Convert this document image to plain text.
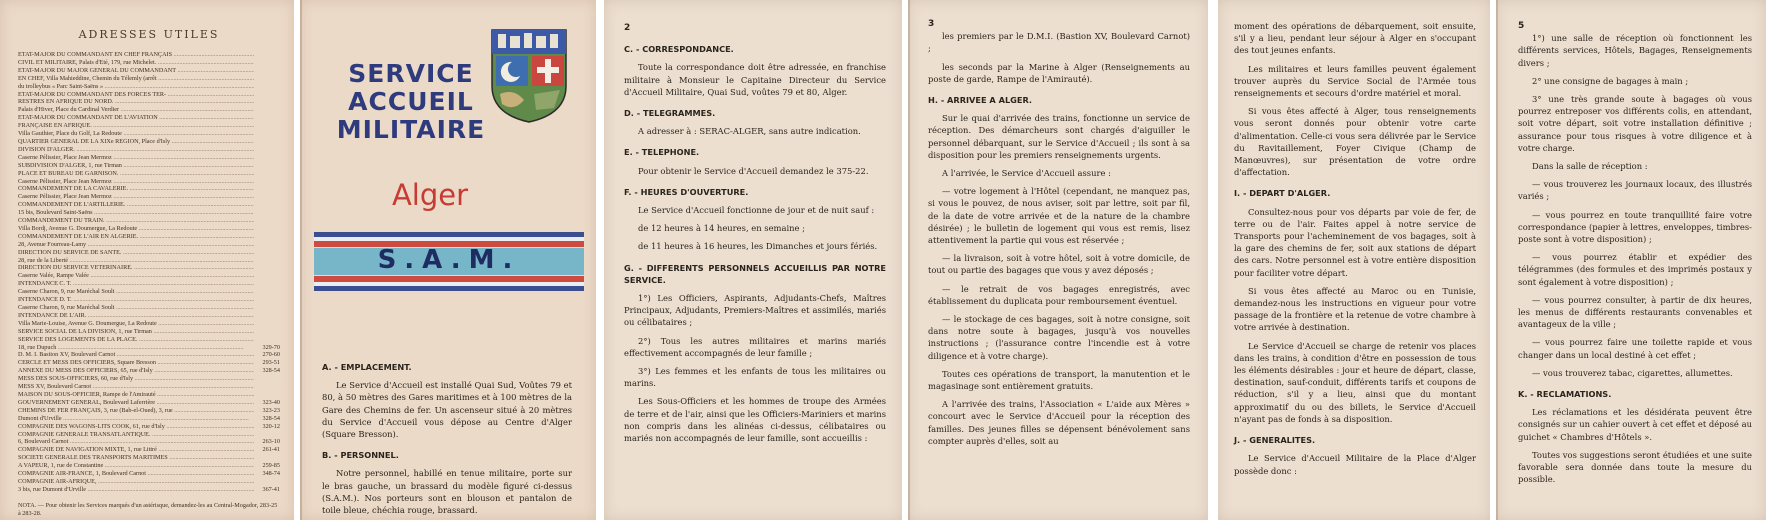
ADRESSES UTILES
ETAT-MAJOR DU COMMANDANT EN CHEF FRANÇAIS .....
CIVIL ET MILITAIRE, Palais d'Eté, 179, rue Michelet. .....
ETAT-MAJOR DU MAJOR GENERAL DU COMMANDANT .....
EN CHEF, Villa Mahieddine, Chemin du Télemly (arrêt .....
du trolleybus « Parc Saint-Saëns » .....
ETAT-MAJOR DU COMMANDANT DES FORCES TER- .....
RESTRES EN AFRIQUE DU NORD. .....
Palais d'Hiver, Place du Cardinal Verdier .....
ETAT-MAJOR DU COMMANDANT DE L'AVIATION .....
FRANÇAISE EN AFRIQUE. .....
Villa Gauthier, Place du Golf, La Redoute .....
QUARTIER GENERAL DE LA XIXe REGION, Place d'Isly .....
DIVISION D'ALGER. .....
Caserne Pélissier, Place Jean Mermoz .....
SUBDIVISION D'ALGER, 1, rue Tirman .....
PLACE ET BUREAU DE GARNISON. .....
Caserne Pélissier, Place Jean Mermoz .....
COMMANDEMENT DE LA CAVALERIE. .....
Caserne Pélissier, Place Jean Mermoz .....
COMMANDEMENT DE L'ARTILLERIE. .....
15 bis, Boulevard Saint-Saëns .....
COMMANDEMENT DU TRAIN. .....
Villa Bordj, Avenue G. Doumergue, La Redoute .....
COMMANDEMENT DE L'AIR EN ALGERIE. .....
28, Avenue Fourreau-Lamy .....
DIRECTION DU SERVICE DE SANTE. .....
28, rue de la Liberté .....
DIRECTION DU SERVICE VETERINAIRE. .....
Caserne Valée, Rampe Valée .....
INTENDANCE C. T. .....
Caserne Charon, 9, rue Maréchal Soult .....
INTENDANCE D. T. .....
Caserne Charon, 9, rue Maréchal Soult .....
INTENDANCE DE L'AIR. .....
Villa Marie-Louise, Avenue G. Doumergue, La Redoute .....
SERVICE SOCIAL DE LA DIVISION, 1, rue Tirman .....
SERVICE DES LOGEMENTS DE LA PLACE. .....
18, rue Dupuch .....	329-70
D. M. I. Bastion XV, Boulevard Carnot .....	270-60
CERCLE ET MESS DES OFFICIERS, Square Bresson .....	293-51
ANNEXE DU MESS DES OFFICIERS, 65, rue d'Isly .....	328-54
MESS DES SOUS-OFFICIERS, 60, rue d'Isly .....
MESS XV, Boulevard Carnot .....
MAISON DU SOUS-OFFICIER, Rampe de l'Amirauté .....
GOUVERNEMENT GENERAL, Boulevard Laferrière .....	323-40
CHEMINS DE FER FRANÇAIS, 3, rue (Bab-el-Oued), 3, rue .....	323-23
Dumont d'Urville .....	328-54
COMPAGNIE DES WAGONS-LITS COOK, 61, rue d'Isly .....	320-12
COMPAGNIE GENERALE TRANSATLANTIQUE. .....
6, Boulevard Carnot .....	263-10
COMPAGNIE DE NAVIGATION MIXTE, 1, rue Littré .....	261-41
SOCIETE GENERALE DES TRANSPORTS MARITIMES .....
A VAPEUR, 1, rue de Constantine .....	259-85
COMPAGNIE AIR-FRANCE, 1, Boulevard Carnot .....	348-74
COMPAGNIE AIR-AFRIQUE, .....
3 bis, rue Dumont d'Urville .....	367-41
NOTA. — Pour obtenir les Services marqués d'un astérisque, demandez-les au Central-Mogador, 283-25 à 283-28.
SERVICE
ACCUEIL
MILITAIRE
Alger
S.A.M.
A. - EMPLACEMENT.

Le Service d'Accueil est installé Quai Sud, Voûtes 79 et 80, à 50 mètres des Gares maritimes et à 100 mètres de la Gare des Chemins de fer. Un ascenseur situé à 20 mètres du Service d'Accueil vous dépose au Centre d'Alger (Square Bresson).

B. - PERSONNEL.

Notre personnel, habillé en tenue militaire, porte sur le bras gauche, un brassard du modèle figuré ci-dessus (S.A.M.). Nos porteurs sont en blouson et pantalon de toile bleue, chéchia rouge, brassard.

2
C. - CORRESPONDANCE.

Toute la correspondance doit être adressée, en franchise militaire à Monsieur le Capitaine Directeur du Service d'Accueil Militaire, Quai Sud, voûtes 79 et 80, Alger.

D. - TELEGRAMMES.

A adresser à : SERAC-ALGER, sans autre indication.

E. - TELEPHONE.

Pour obtenir le Service d'Accueil demandez le 375-22.

F. - HEURES D'OUVERTURE.

Le Service d'Accueil fonctionne de jour et de nuit sauf :

de 12 heures à 14 heures, en semaine ;

de 11 heures à 16 heures, les Dimanches et jours fériés.

G. - DIFFERENTS PERSONNELS ACCUEILLIS PAR NOTRE SERVICE.

1°) Les Officiers, Aspirants, Adjudants-Chefs, Maîtres Principaux, Adjudants, Premiers-Maîtres et assimilés, mariés ou célibataires ;

2°) Tous les autres militaires et marins mariés effectivement accompagnés de leur famille ;

3°) Les femmes et les enfants de tous les militaires ou marins.

Les Sous-Officiers et les hommes de troupe des Armées de terre et de l'air, ainsi que les Officiers-Mariniers et marins non compris dans les alinéas ci-dessus, célibataires ou mariés non accompagnés de leur famille, sont accueillis :

3

les premiers par le D.M.I. (Bastion XV, Boulevard Carnot) ;

les seconds par la Marine à Alger (Renseignements au poste de garde, Rampe de l'Amirauté).

H. - ARRIVEE A ALGER.

Sur le quai d'arrivée des trains, fonctionne un service de réception. Des démarcheurs sont chargés d'aiguiller le personnel débarquant, sur le Service d'Accueil ; ils sont à sa disposition pour les premiers renseignements urgents.

A l'arrivée, le Service d'Accueil assure :

— votre logement à l'Hôtel (cependant, ne manquez pas, si vous le pouvez, de nous aviser, soit par lettre, soit par fil, de la date de votre arrivée et de la nature de la chambre désirée) ; le bulletin de logement qui vous est remis, lisez attentivement la partie qui vous est réservée ;

— la livraison, soit à votre hôtel, soit à votre domicile, de tout ou partie des bagages que vous y avez déposés ;

— le retrait de vos bagages enregistrés, avec établissement du duplicata pour remboursement éventuel.

— le stockage de ces bagages, soit à notre consigne, soit dans notre soute à bagages, jusqu'à vos nouvelles instructions ; (l'assurance contre l'incendie est à votre diligence et à votre charge).

Toutes ces opérations de transport, la manutention et le magasinage sont entièrement gratuits.

A l'arrivée des trains, l'Association « L'aide aux Mères » concourt avec le Service d'Accueil pour la réception des familles. Des jeunes filles se dépensent bénévolement sans compter auprès d'elles, soit au

moment des opérations de débarquement, soit ensuite, s'il y a lieu, pendant leur séjour à Alger en s'occupant des tout jeunes enfants.

Les militaires et leurs familles peuvent également trouver auprès du Service Social de l'Armée tous renseignements et secours d'ordre matériel et moral.

Si vous êtes affecté à Alger, tous renseignements vous seront donnés pour obtenir votre carte d'alimentation. Celle-ci vous sera délivrée par le Service du Ravitaillement, Foyer Civique (Champ de Manœuvres), sur présentation de votre ordre d'affectation.

I. - DEPART D'ALGER.

Consultez-nous pour vos départs par voie de fer, de terre ou de l'air. Faites appel à notre service de Transports pour l'acheminement de vos bagages, soit à la gare des chemins de fer, soit aux stations de départ des cars. Notre personnel est à votre entière disposition pour faciliter votre départ.

Si vous êtes affecté au Maroc ou en Tunisie, demandez-nous les instructions en vigueur pour votre passage de la frontière et la retenue de votre chambre à votre arrivée à destination.

Le Service d'Accueil se charge de retenir vos places dans les trains, à condition d'être en possession de tous les éléments désirables : jour et heure de départ, classe, destination, sauf-conduit, différents tarifs et coupons de réduction, s'il y a lieu, ainsi que du montant approximatif du ou des billets, le Service d'Accueil n'ayant pas de fonds à sa disposition.

J. - GENERALITES.

Le Service d'Accueil Militaire de la Place d'Alger possède donc :

5

1°) une salle de réception où fonctionnent les différents services, Hôtels, Bagages, Renseignements divers ;

2° une consigne de bagages à main ;

3° une très grande soute à bagages où vous pourrez entreposer vos différents colis, en attendant, soit votre départ, soit votre installation définitive ; assurance pour tous risques à votre diligence et à votre charge.

Dans la salle de réception :

— vous trouverez les journaux locaux, des illustrés variés ;

— vous pourrez en toute tranquillité faire votre correspondance (papier à lettres, enveloppes, timbres-poste sont à votre disposition) ;

— vous pourrez établir et expédier des télégrammes (des formules et des imprimés postaux y sont également à votre disposition) ;

— vous pourrez consulter, à partir de dix heures, les menus de différents restaurants convenables et avantageux de la ville ;

— vous pourrez faire une toilette rapide et vous changer dans un local destiné à cet effet ;

— vous trouverez tabac, cigarettes, allumettes.

K. - RECLAMATIONS.

Les réclamations et les désidérata peuvent être consignés sur un cahier ouvert à cet effet et déposé au guichet « Chambres d'Hôtels ».

Toutes vos suggestions seront étudiées et une suite favorable sera donnée dans toute la mesure du possible.
